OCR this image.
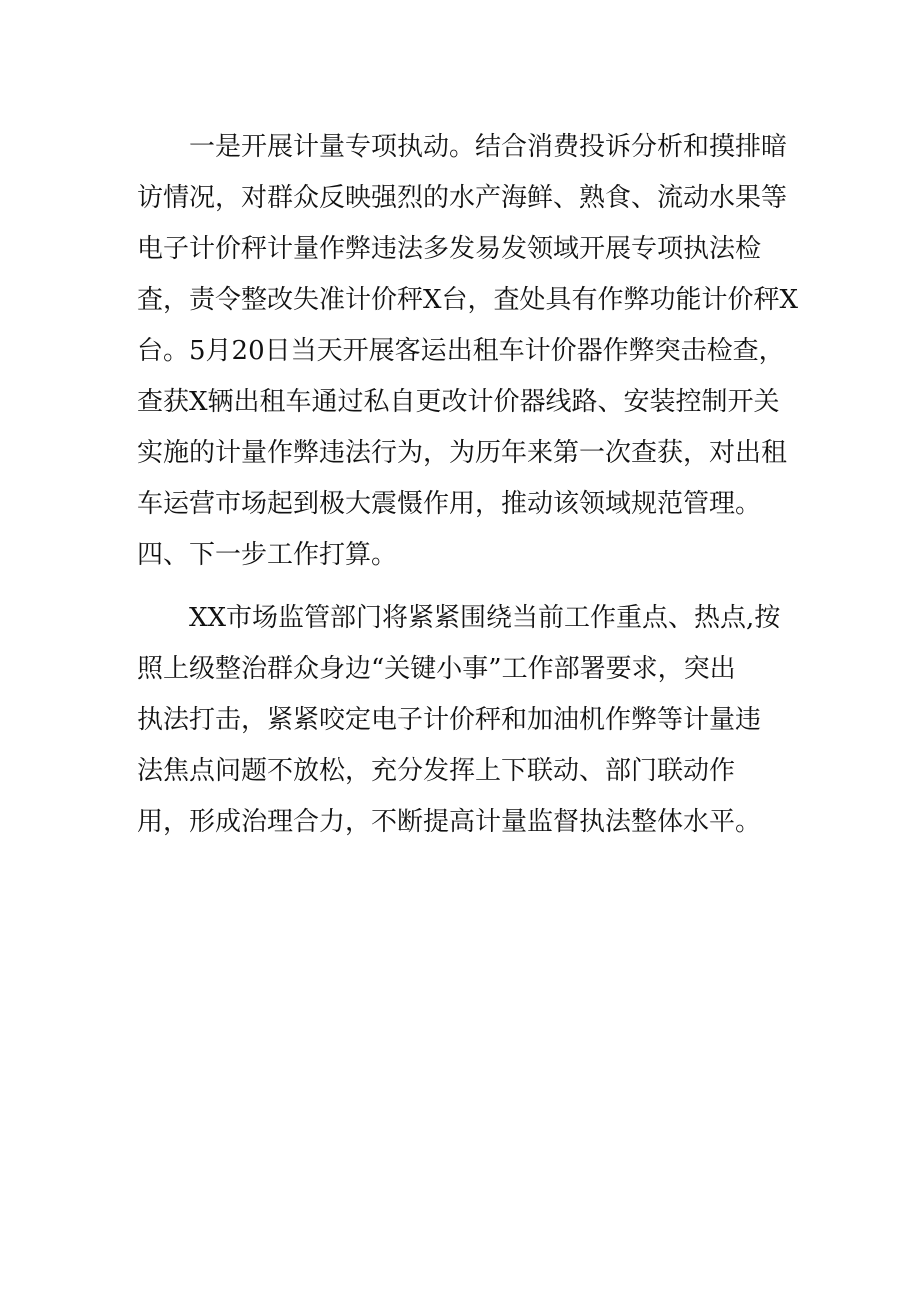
一是开展计量专项执动。结合消费投诉分析和摸排暗
访情况，对群众反映强烈的水产海鲜、熟食、流动水果等
电子计价秤计量作弊违法多发易发领域开展专项执法检
査，责令整改失准计价秤X台，査处具有作弊功能计价秤X
台。5月20日当天开展客运出租车计价器作弊突击检查，
查获X辆出租车通过私自更改计价器线路、安装控制开关
实施的计量作弊违法行为，为历年来第一次查获，对出租
车运营市场起到极大震慑作用，推动该领域规范管理。
四、下一步工作打算。
XX市场监管部门将紧紧围绕当前工作重点、热点,按
照上级整治群众身边“关键小事”工作部署要求，突出
执法打击，紧紧咬定电子计价秤和加油机作弊等计量违
法焦点问题不放松，充分发挥上下联动、部门联动作
用，形成治理合力，不断提高计量监督执法整体水平。
